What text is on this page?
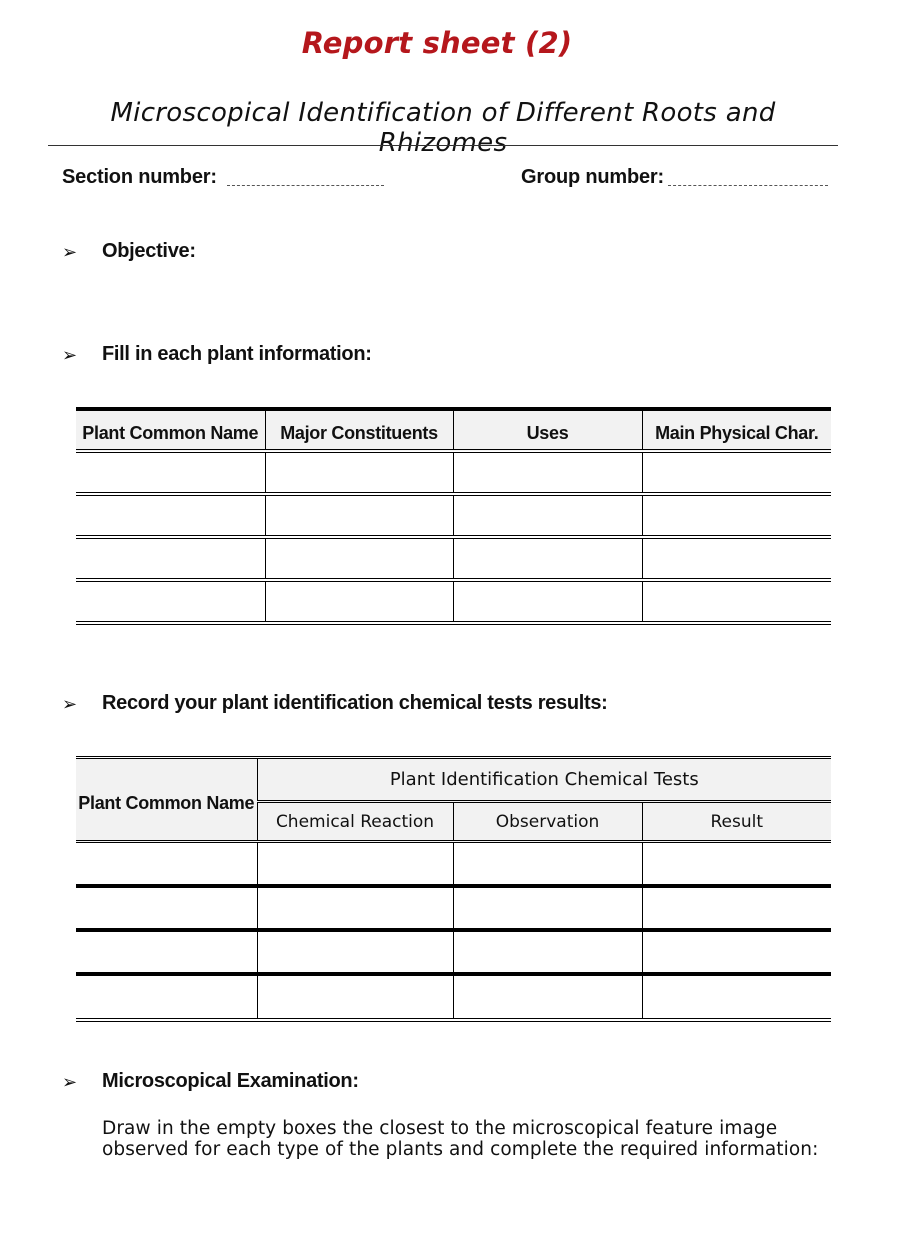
Report sheet (2)
Microscopical Identification of Different Roots and Rhizomes
Section number:	Group number:
➢ Objective:
➢ Fill in each plant information:
Plant Common Name	Major Constituents	Uses	Main Physical Char.

➢ Record your plant identification chemical tests results:
Plant Common Name	Plant Identification Chemical Tests		
	Chemical Reaction	Observation	Result

➢ Microscopical Examination:
Draw in the empty boxes the closest to the microscopical feature image observed for each type of the plants and complete the required information:
